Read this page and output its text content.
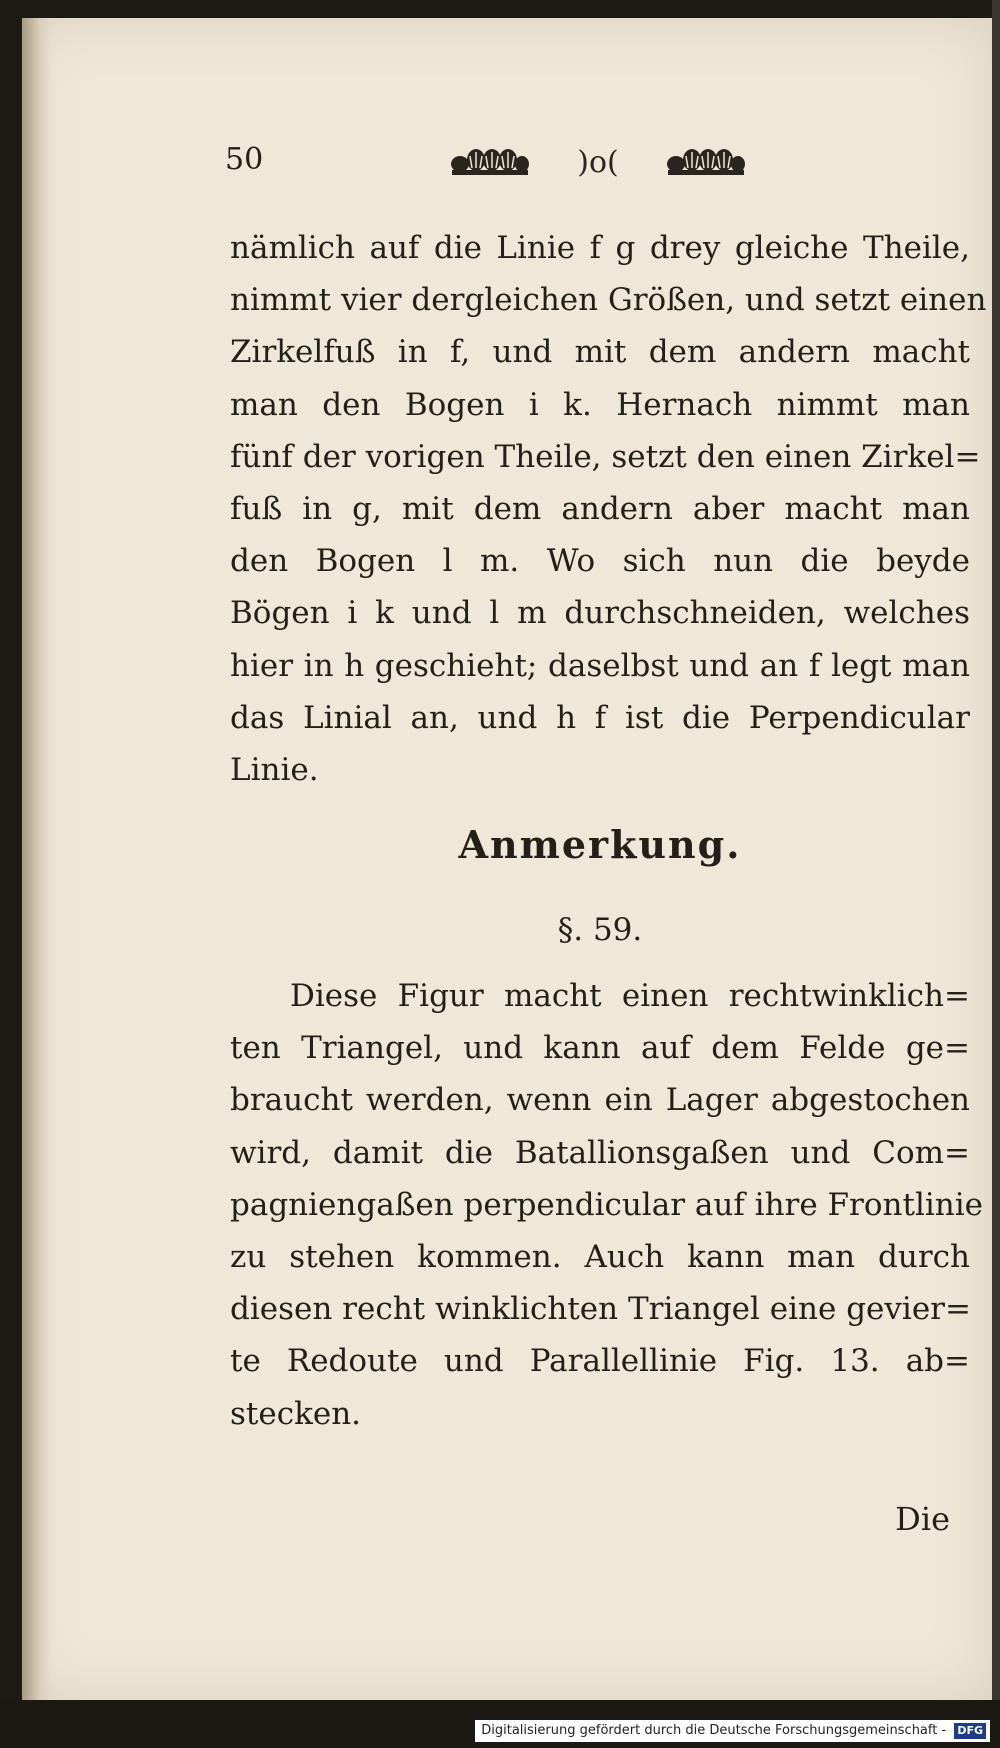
50	)o(
nämlich auf die Linie f g drey gleiche Theile,
nimmt vier dergleichen Größen, und setzt einen
Zirkelfuß in f, und mit dem andern macht
man den Bogen i k. Hernach nimmt man
fünf der vorigen Theile, setzt den einen Zirkel=
fuß in g, mit dem andern aber macht man
den Bogen l m. Wo sich nun die beyde
Bögen i k und l m durchschneiden, welches
hier in h geschieht; daselbst und an f legt man
das Linial an, und h f ist die Perpendicular
Linie.
Anmerkung.
§. 59.
Diese Figur macht einen rechtwinklich=
ten Triangel, und kann auf dem Felde ge=
braucht werden, wenn ein Lager abgestochen
wird, damit die Batallionsgaßen und Com=
pagniengaßen perpendicular auf ihre Frontlinie
zu stehen kommen. Auch kann man durch
diesen recht winklichten Triangel eine gevier=
te Redoute und Parallellinie Fig. 13. ab=
stecken.
Die
Digitalisierung gefördert durch die Deutsche Forschungsgemeinschaft - DFG
